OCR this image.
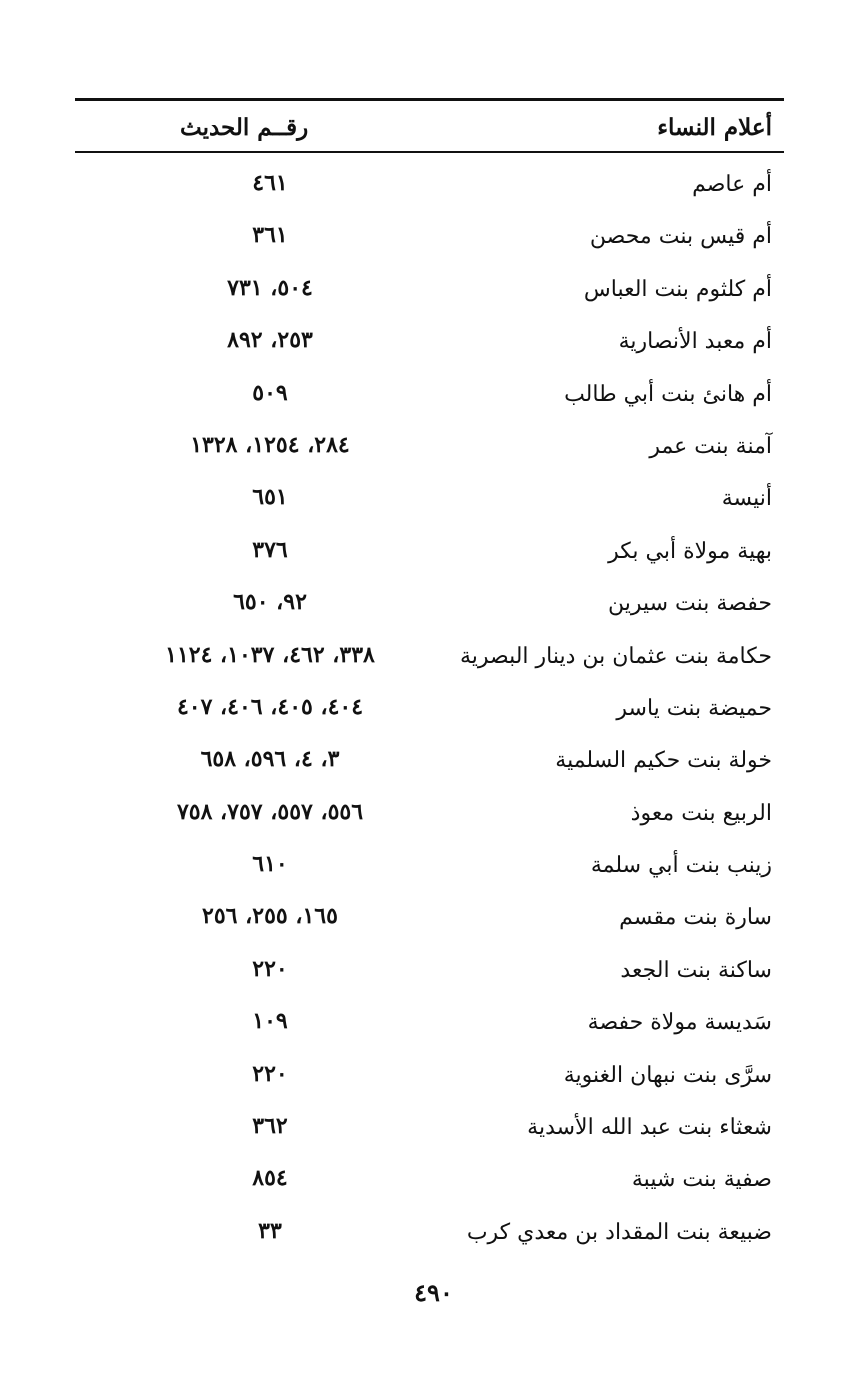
أعلام النساء
رقــم الحديث
أم عاصم
٤٦١
أم قيس بنت محصن
٣٦١
أم كلثوم بنت العباس
٥٠٤، ٧٣١
أم معبد الأنصارية
٢٥٣، ٨٩٢
أم هانئ بنت أبي طالب
٥٠٩
آمنة بنت عمر
٢٨٤، ١٢٥٤، ١٣٢٨
أنيسة
٦٥١
بهية مولاة أبي بكر
٣٧٦
حفصة بنت سيرين
٩٢، ٦٥٠
حكامة بنت عثمان بن دينار البصرية
٣٣٨، ٤٦٢، ١٠٣٧، ١١٢٤
حميضة بنت ياسر
٤٠٤، ٤٠٥، ٤٠٦، ٤٠٧
خولة بنت حكيم السلمية
٣، ٤، ٥٩٦، ٦٥٨
الربيع بنت معوذ
٥٥٦، ٥٥٧، ٧٥٧، ٧٥٨
زينب بنت أبي سلمة
٦١٠
سارة بنت مقسم
١٦٥، ٢٥٥، ٢٥٦
ساكنة بنت الجعد
٢٢٠
سَديسة مولاة حفصة
١٠٩
سرَّى بنت نبهان الغنوية
٢٢٠
شعثاء بنت عبد الله الأسدية
٣٦٢
صفية بنت شيبة
٨٥٤
ضبيعة بنت المقداد بن معدي كرب
٣٣
٤٩٠
